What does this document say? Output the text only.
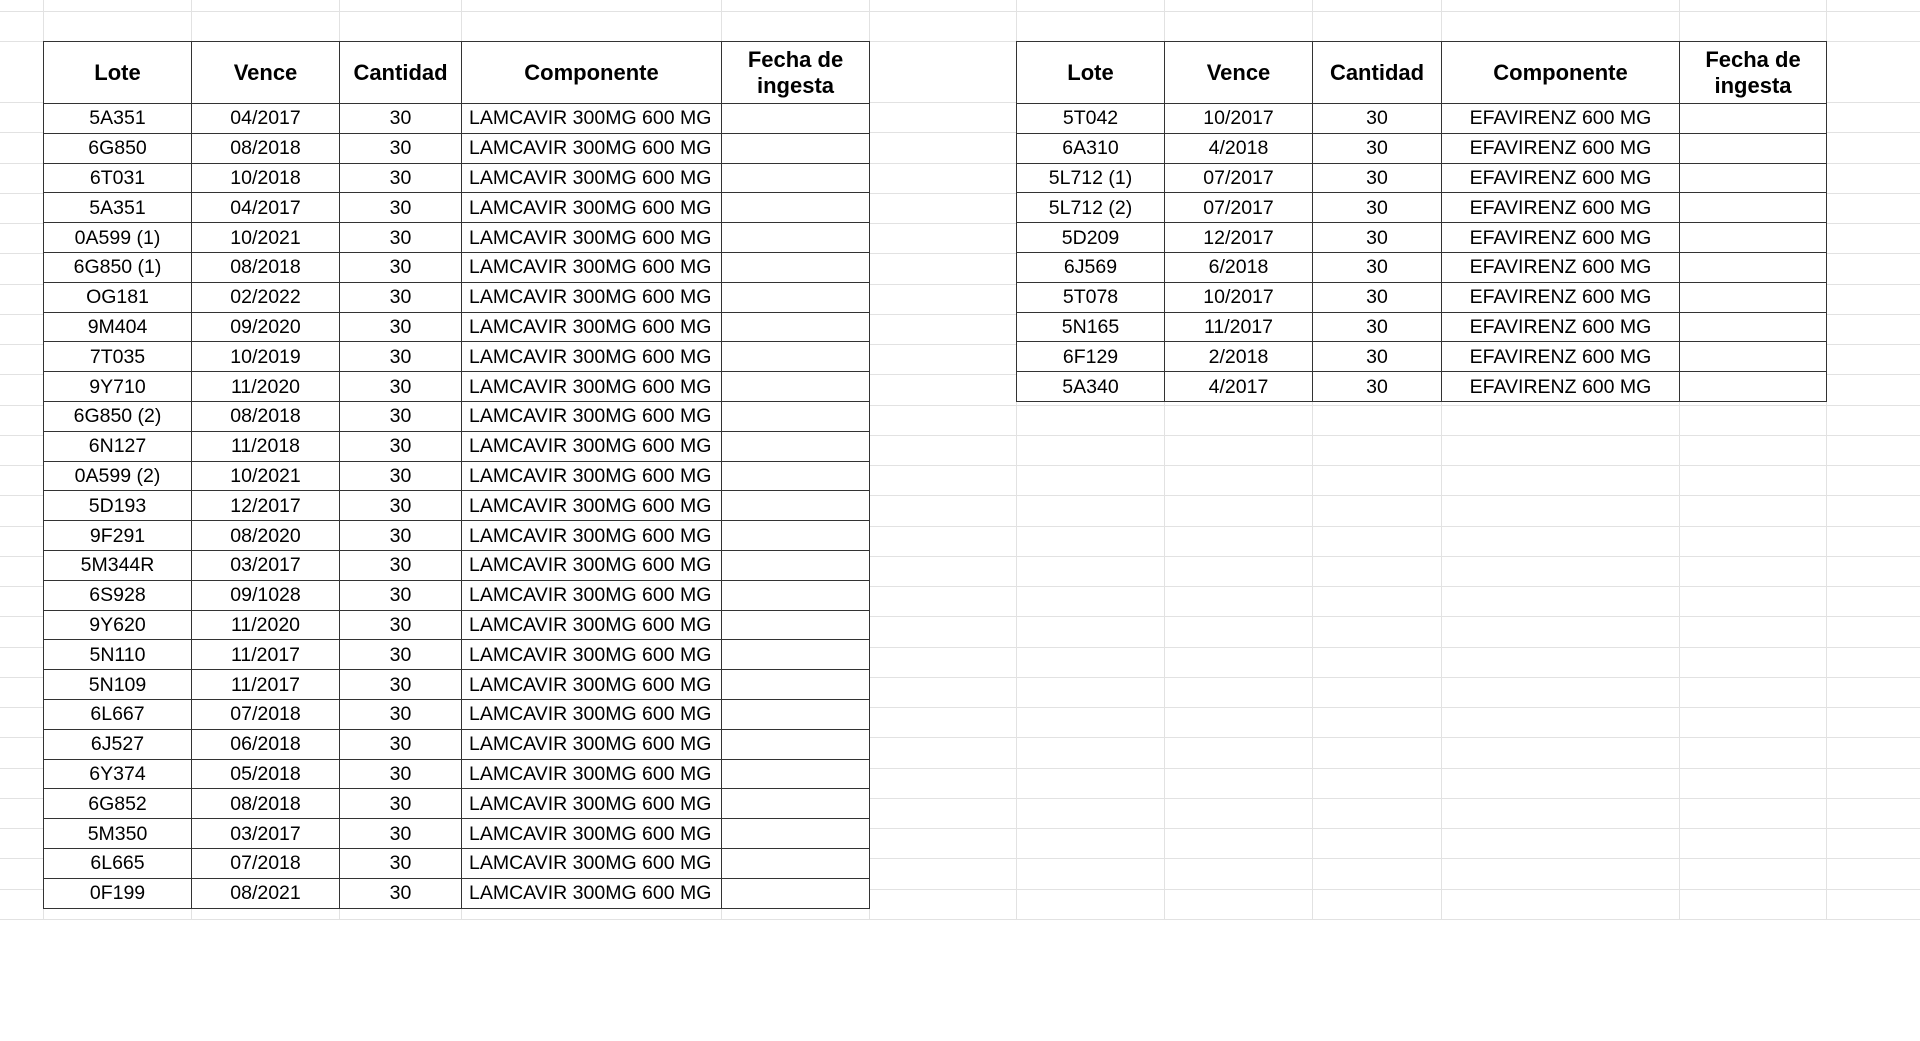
Lote	Vence	Cantidad	Componente	Fecha de ingesta
5A351	04/2017	30	LAMCAVIR 300MG 600 MG	
6G850	08/2018	30	LAMCAVIR 300MG 600 MG	
6T031	10/2018	30	LAMCAVIR 300MG 600 MG	
5A351	04/2017	30	LAMCAVIR 300MG 600 MG	
0A599 (1)	10/2021	30	LAMCAVIR 300MG 600 MG	
6G850 (1)	08/2018	30	LAMCAVIR 300MG 600 MG	
OG181	02/2022	30	LAMCAVIR 300MG 600 MG	
9M404	09/2020	30	LAMCAVIR 300MG 600 MG	
7T035	10/2019	30	LAMCAVIR 300MG 600 MG	
9Y710	11/2020	30	LAMCAVIR 300MG 600 MG	
6G850 (2)	08/2018	30	LAMCAVIR 300MG 600 MG	
6N127	11/2018	30	LAMCAVIR 300MG 600 MG	
0A599 (2)	10/2021	30	LAMCAVIR 300MG 600 MG	
5D193	12/2017	30	LAMCAVIR 300MG 600 MG	
9F291	08/2020	30	LAMCAVIR 300MG 600 MG	
5M344R	03/2017	30	LAMCAVIR 300MG 600 MG	
6S928	09/1028	30	LAMCAVIR 300MG 600 MG	
9Y620	11/2020	30	LAMCAVIR 300MG 600 MG	
5N110	11/2017	30	LAMCAVIR 300MG 600 MG	
5N109	11/2017	30	LAMCAVIR 300MG 600 MG	
6L667	07/2018	30	LAMCAVIR 300MG 600 MG	
6J527	06/2018	30	LAMCAVIR 300MG 600 MG	
6Y374	05/2018	30	LAMCAVIR 300MG 600 MG	
6G852	08/2018	30	LAMCAVIR 300MG 600 MG	
5M350	03/2017	30	LAMCAVIR 300MG 600 MG	
6L665	07/2018	30	LAMCAVIR 300MG 600 MG	
0F199	08/2021	30	LAMCAVIR 300MG 600 MG	
Lote	Vence	Cantidad	Componente	Fecha de ingesta
5T042	10/2017	30	EFAVIRENZ 600 MG	
6A310	4/2018	30	EFAVIRENZ 600 MG	
5L712 (1)	07/2017	30	EFAVIRENZ 600 MG	
5L712 (2)	07/2017	30	EFAVIRENZ 600 MG	
5D209	12/2017	30	EFAVIRENZ 600 MG	
6J569	6/2018	30	EFAVIRENZ 600 MG	
5T078	10/2017	30	EFAVIRENZ 600 MG	
5N165	11/2017	30	EFAVIRENZ 600 MG	
6F129	2/2018	30	EFAVIRENZ 600 MG	
5A340	4/2017	30	EFAVIRENZ 600 MG	
